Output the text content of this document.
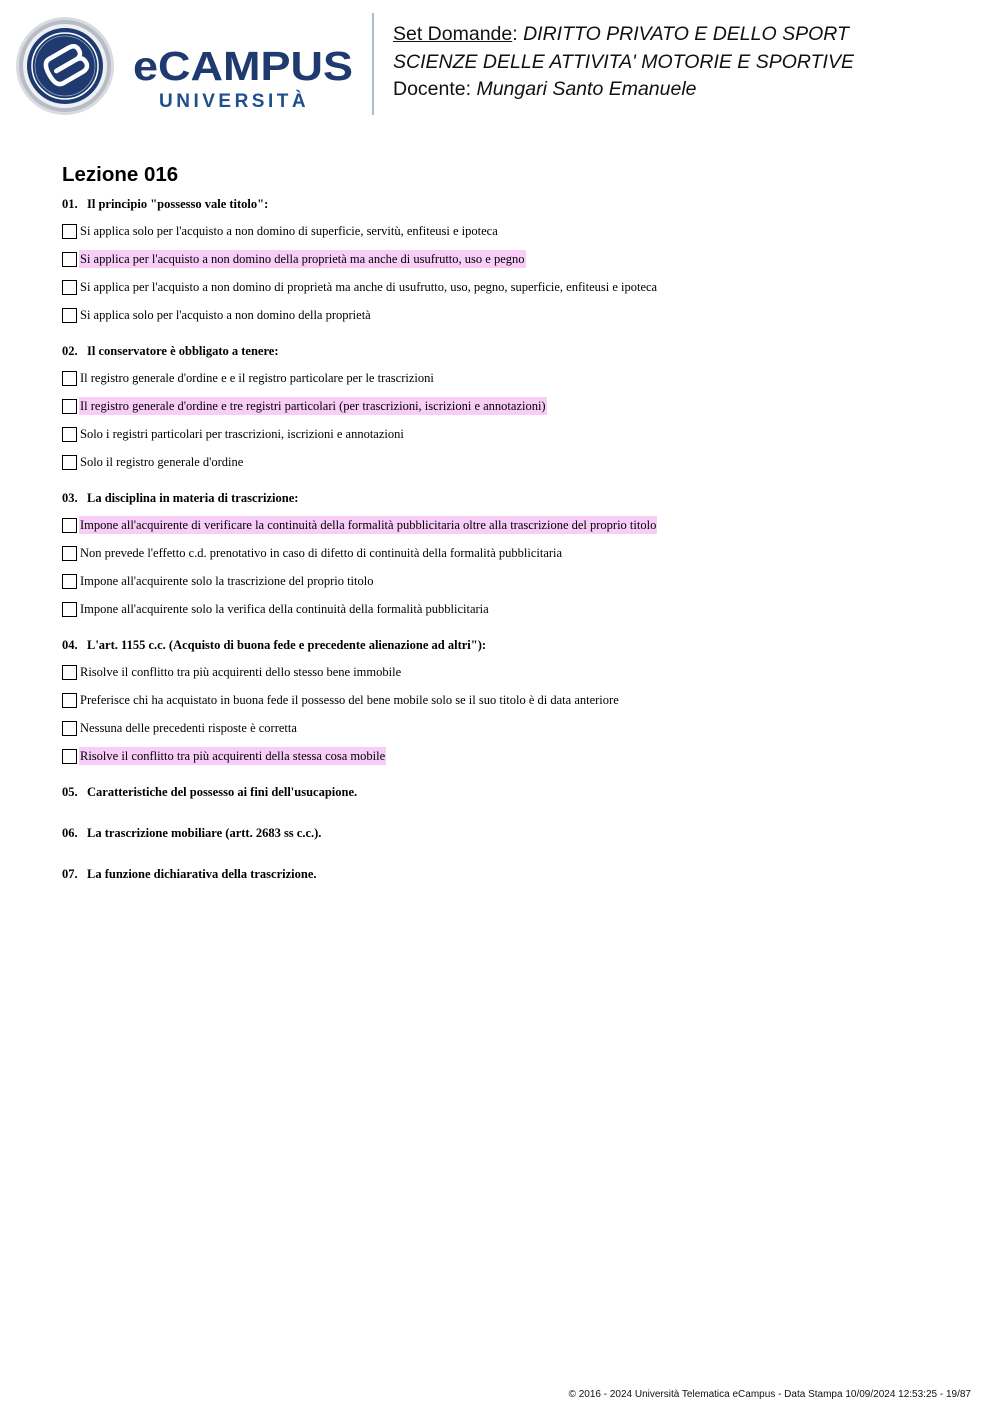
eCAMPUS
UNIVERSITÀ
Set Domande: DIRITTO PRIVATO E DELLO SPORT
SCIENZE DELLE ATTIVITA' MOTORIE E SPORTIVE
Docente: Mungari Santo Emanuele
Lezione 016
01. Il principio "possesso vale titolo":
Si applica solo per l'acquisto a non domino di superficie, servitù, enfiteusi e ipoteca
Si applica per l'acquisto a non domino della proprietà ma anche di usufrutto, uso e pegno
Si applica per l'acquisto a non domino di proprietà ma anche di usufrutto, uso, pegno, superficie, enfiteusi e ipoteca
Si applica solo per l'acquisto a non domino della proprietà
02. Il conservatore è obbligato a tenere:
Il registro generale d'ordine e e il registro particolare per le trascrizioni
Il registro generale d'ordine e tre registri particolari (per trascrizioni, iscrizioni e annotazioni)
Solo i registri particolari per trascrizioni, iscrizioni e annotazioni
Solo il registro generale d'ordine
03. La disciplina in materia di trascrizione:
Impone all'acquirente di verificare la continuità della formalità pubblicitaria oltre alla trascrizione del proprio titolo
Non prevede l'effetto c.d. prenotativo in caso di difetto di continuità della formalità pubblicitaria
Impone all'acquirente solo la trascrizione del proprio titolo
Impone all'acquirente solo la verifica della continuità della formalità pubblicitaria
04. L'art. 1155 c.c. (Acquisto di buona fede e precedente alienazione ad altri"):
Risolve il conflitto tra più acquirenti dello stesso bene immobile
Preferisce chi ha acquistato in buona fede il possesso del bene mobile solo se il suo titolo è di data anteriore
Nessuna delle precedenti risposte è corretta
Risolve il conflitto tra più acquirenti della stessa cosa mobile
05. Caratteristiche del possesso ai fini dell'usucapione.
06. La trascrizione mobiliare (artt. 2683 ss c.c.).
07. La funzione dichiarativa della trascrizione.
© 2016 - 2024 Università Telematica eCampus - Data Stampa 10/09/2024 12:53:25 - 19/87
